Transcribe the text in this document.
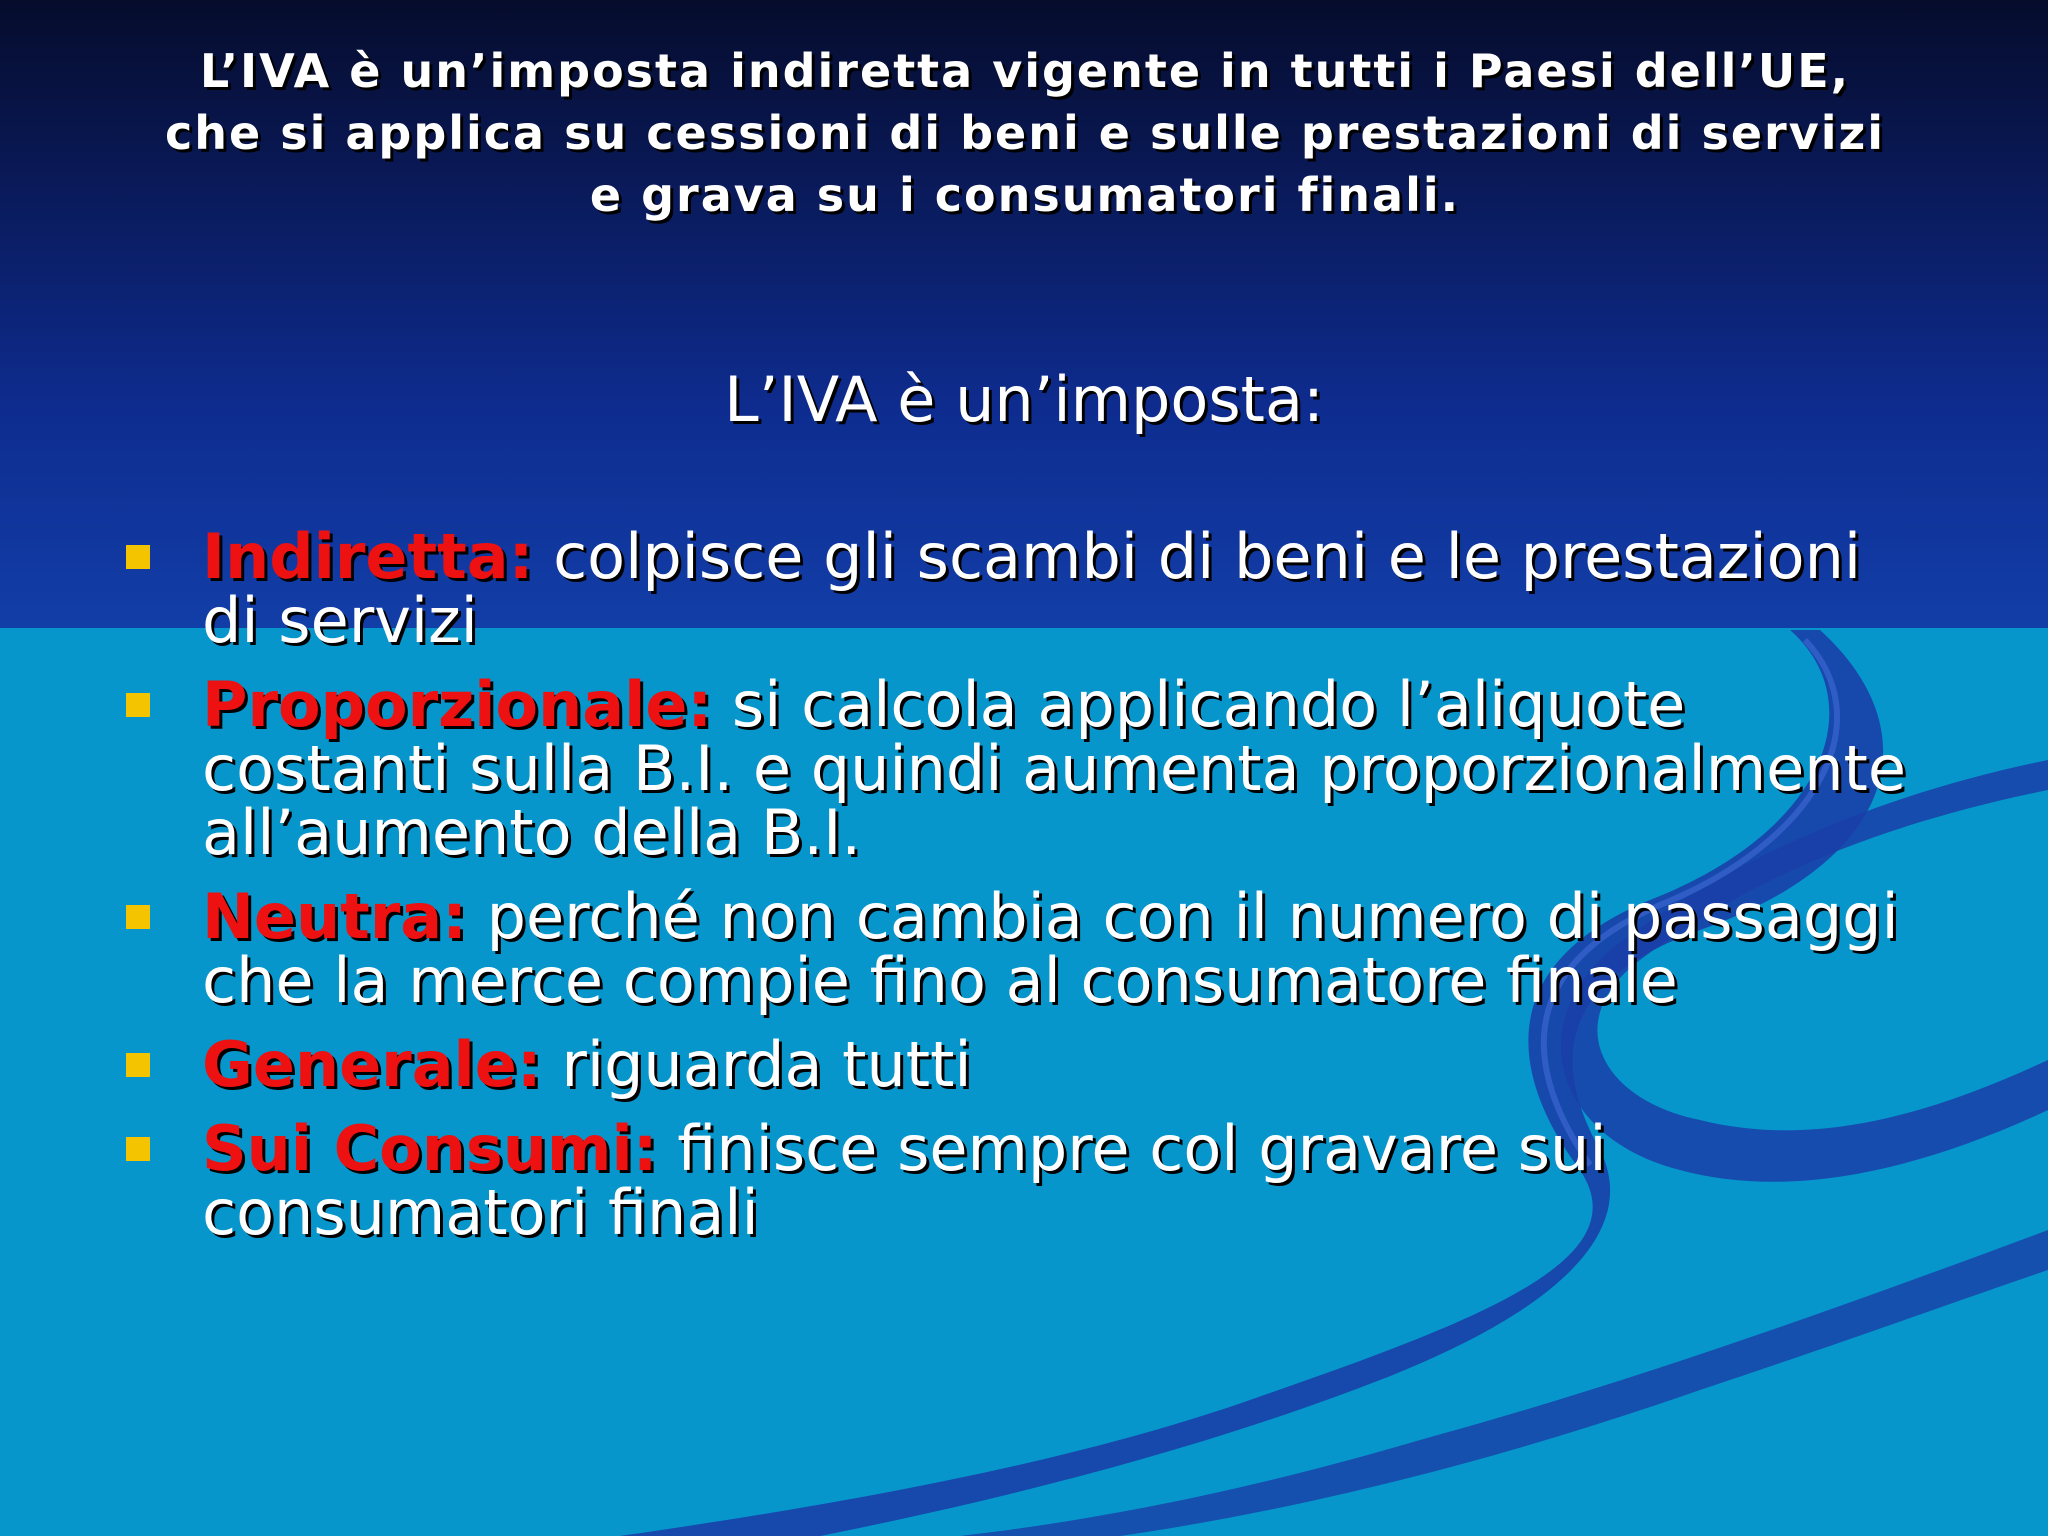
L’IVA è un’imposta indiretta vigente in tutti i Paesi dell’UE, che si applica su cessioni di beni e sulle prestazioni di servizi e grava su i consumatori finali.
L’IVA è un’imposta:
Indiretta: colpisce gli scambi di beni e le prestazioni di servizi
Proporzionale: si calcola applicando l’aliquote costanti sulla B.I. e quindi aumenta proporzionalmente all’aumento della B.I.
Neutra: perché non cambia con il numero di passaggi che la merce compie fino al consumatore finale
Generale: riguarda tutti
Sui Consumi: finisce sempre col gravare sui consumatori finali
